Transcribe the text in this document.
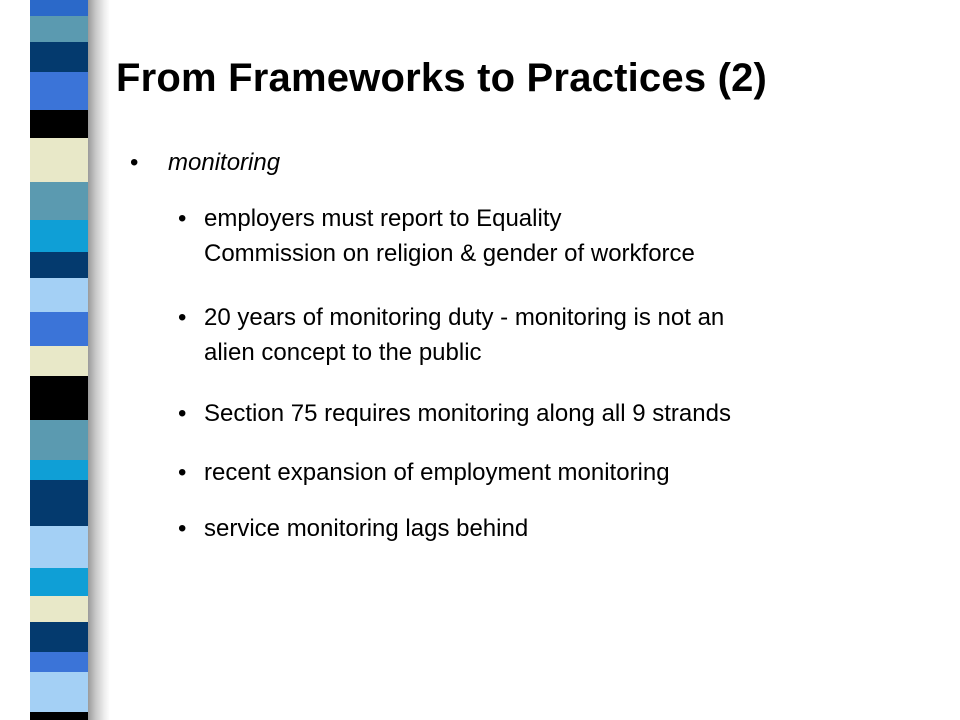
From Frameworks to Practices (2)
• monitoring
• employers must report to Equality
Commission on religion & gender of workforce
• 20 years of monitoring duty - monitoring is not an
alien concept to the public
• Section 75 requires monitoring along all 9 strands
• recent expansion of employment monitoring
• service monitoring lags behind
